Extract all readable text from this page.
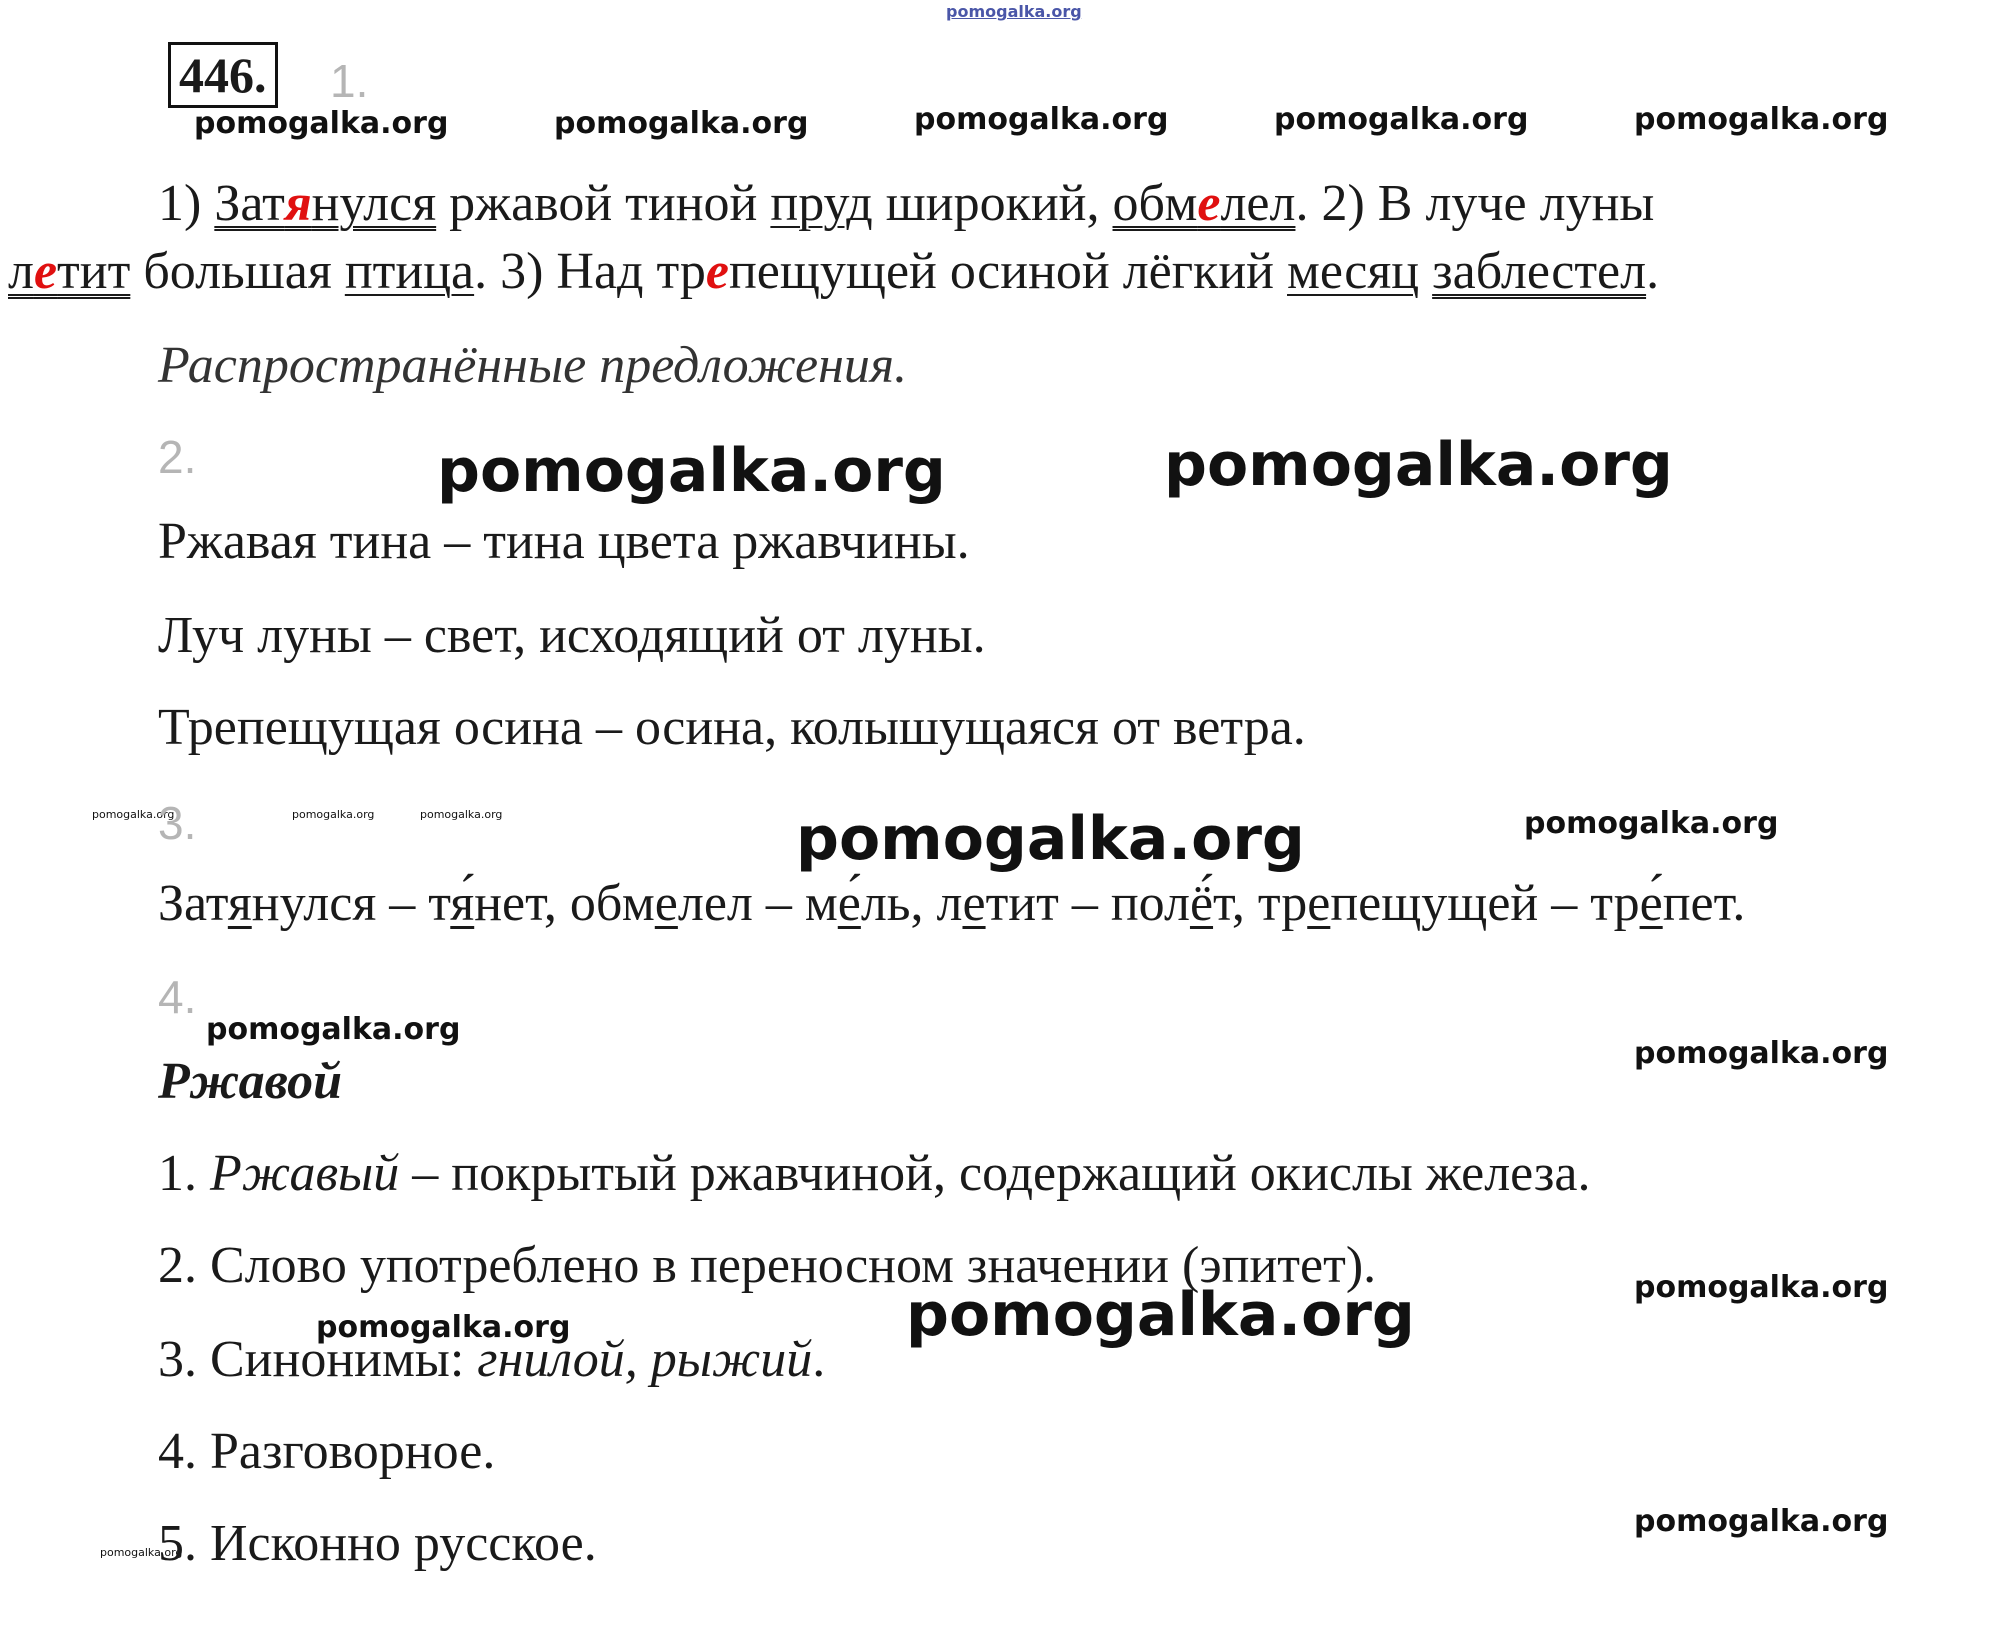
pomogalka.org
446. 1.
pomogalka.org	pomogalka.org	pomogalka.org	pomogalka.org	pomogalka.org
1) Затянулся ржавой тиной пруд широкий, обмелел. 2) В луче луны
летит большая птица. 3) Над трепещущей осиной лёгкий месяц заблестел.
Распространённые предложения.
2.	pomogalka.org	pomogalka.org
Ржавая тина – тина цвета ржавчины.
Луч луны – свет, исходящий от луны.
Трепещущая осина – осина, колышущаяся от ветра.
pomogalka.org
3.	pomogalka.org	pomogalka.org	pomogalka.org	pomogalka.org
Затянулся – тя́нет, обмелел – ме́ль, летит – полё́т, трепещущей – тре́пет.
4.
pomogalka.org
pomogalka.org
Ржавой
1. Ржавый – покрытый ржавчиной, содержащий окислы железа.
2. Слово употреблено в переносном значении (эпитет).	pomogalka.org
pomogalka.org
pomogalka.org
3. Синонимы: гнилой, рыжий.
4. Разговорное.
pomogalka.org
5. Исконно русское.	pomogalka.org
